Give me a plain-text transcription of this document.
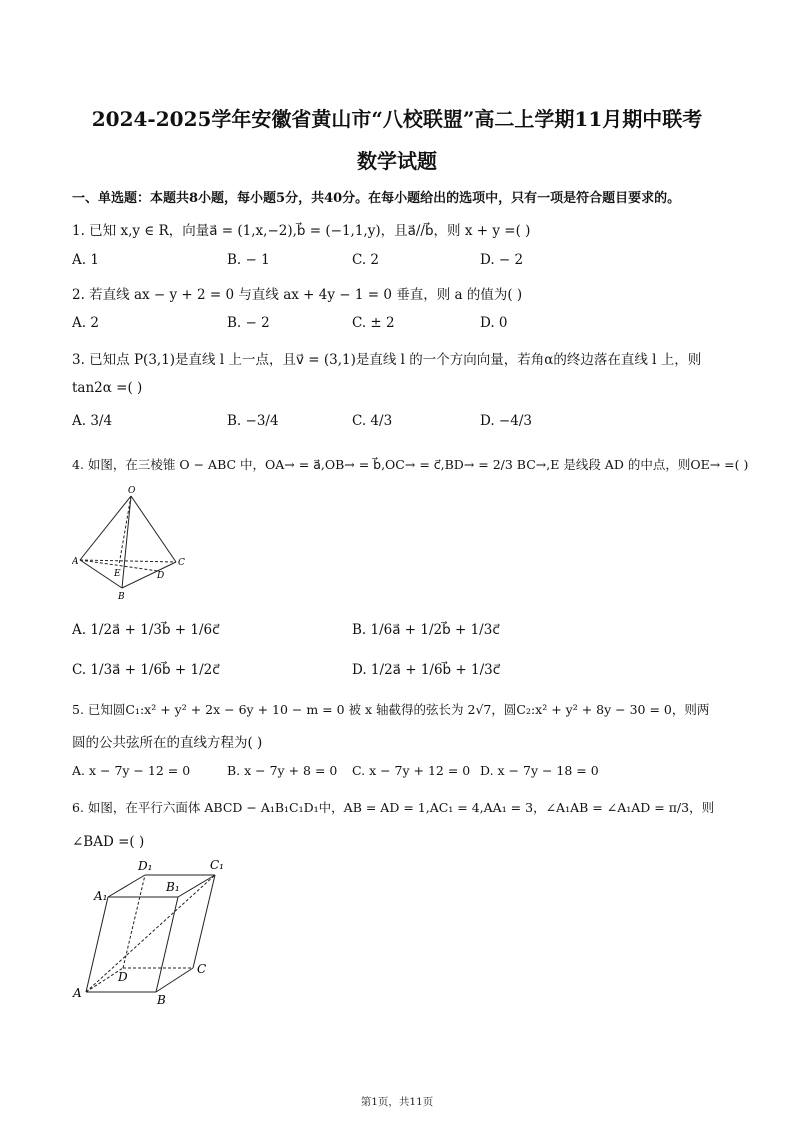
2024-2025学年安徽省黄山市“八校联盟”高二上学期11月期中联考
数学试题
一、单选题：本题共8小题，每小题5分，共40分。在每小题给出的选项中，只有一项是符合题目要求的。
1. 已知 x,y ∈ R，向量a⃗ = (1,x,−2),b⃗ = (−1,1,y)，且a⃗//b⃗，则 x + y =( )
A. 1	B. − 1	C. 2	D. − 2
2. 若直线 ax − y + 2 = 0 与直线 ax + 4y − 1 = 0 垂直，则 a 的值为( )
A. 2	B. − 2	C. ± 2	D. 0
3. 已知点 P(3,1)是直线 l 上一点，且v⃗ = (3,1)是直线 l 的一个方向向量，若角α的终边落在直线 l 上，则
tan2α =( )
A. 3/4	B. −3/4	C. 4/3	D. −4/3
4. 如图，在三棱锥 O − ABC 中，OA→ = a⃗,OB→ = b⃗,OC→ = c⃗,BD→ = 2/3 BC→,E 是线段 AD 的中点，则OE→ =( )
O
A
E	D
C
B
A. 1/2a⃗ + 1/3b⃗ + 1/6c⃗	B. 1/6a⃗ + 1/2b⃗ + 1/3c⃗
C. 1/3a⃗ + 1/6b⃗ + 1/2c⃗	D. 1/2a⃗ + 1/6b⃗ + 1/3c⃗
5. 已知圆C₁:x² + y² + 2x − 6y + 10 − m = 0 被 x 轴截得的弦长为 2√7，圆C₂:x² + y² + 8y − 30 = 0，则两
圆的公共弦所在的直线方程为( )
A. x − 7y − 12 = 0	B. x − 7y + 8 = 0 C. x − 7y + 12 = 0 D. x − 7y − 18 = 0
6. 如图，在平行六面体 ABCD − A₁B₁C₁D₁中，AB = AD = 1,AC₁ = 4,AA₁ = 3，∠A₁AB = ∠A₁AD = π/3，则
∠BAD =( )
D₁	C₁
A₁
B₁
D
C
A	B
第1页，共11页
